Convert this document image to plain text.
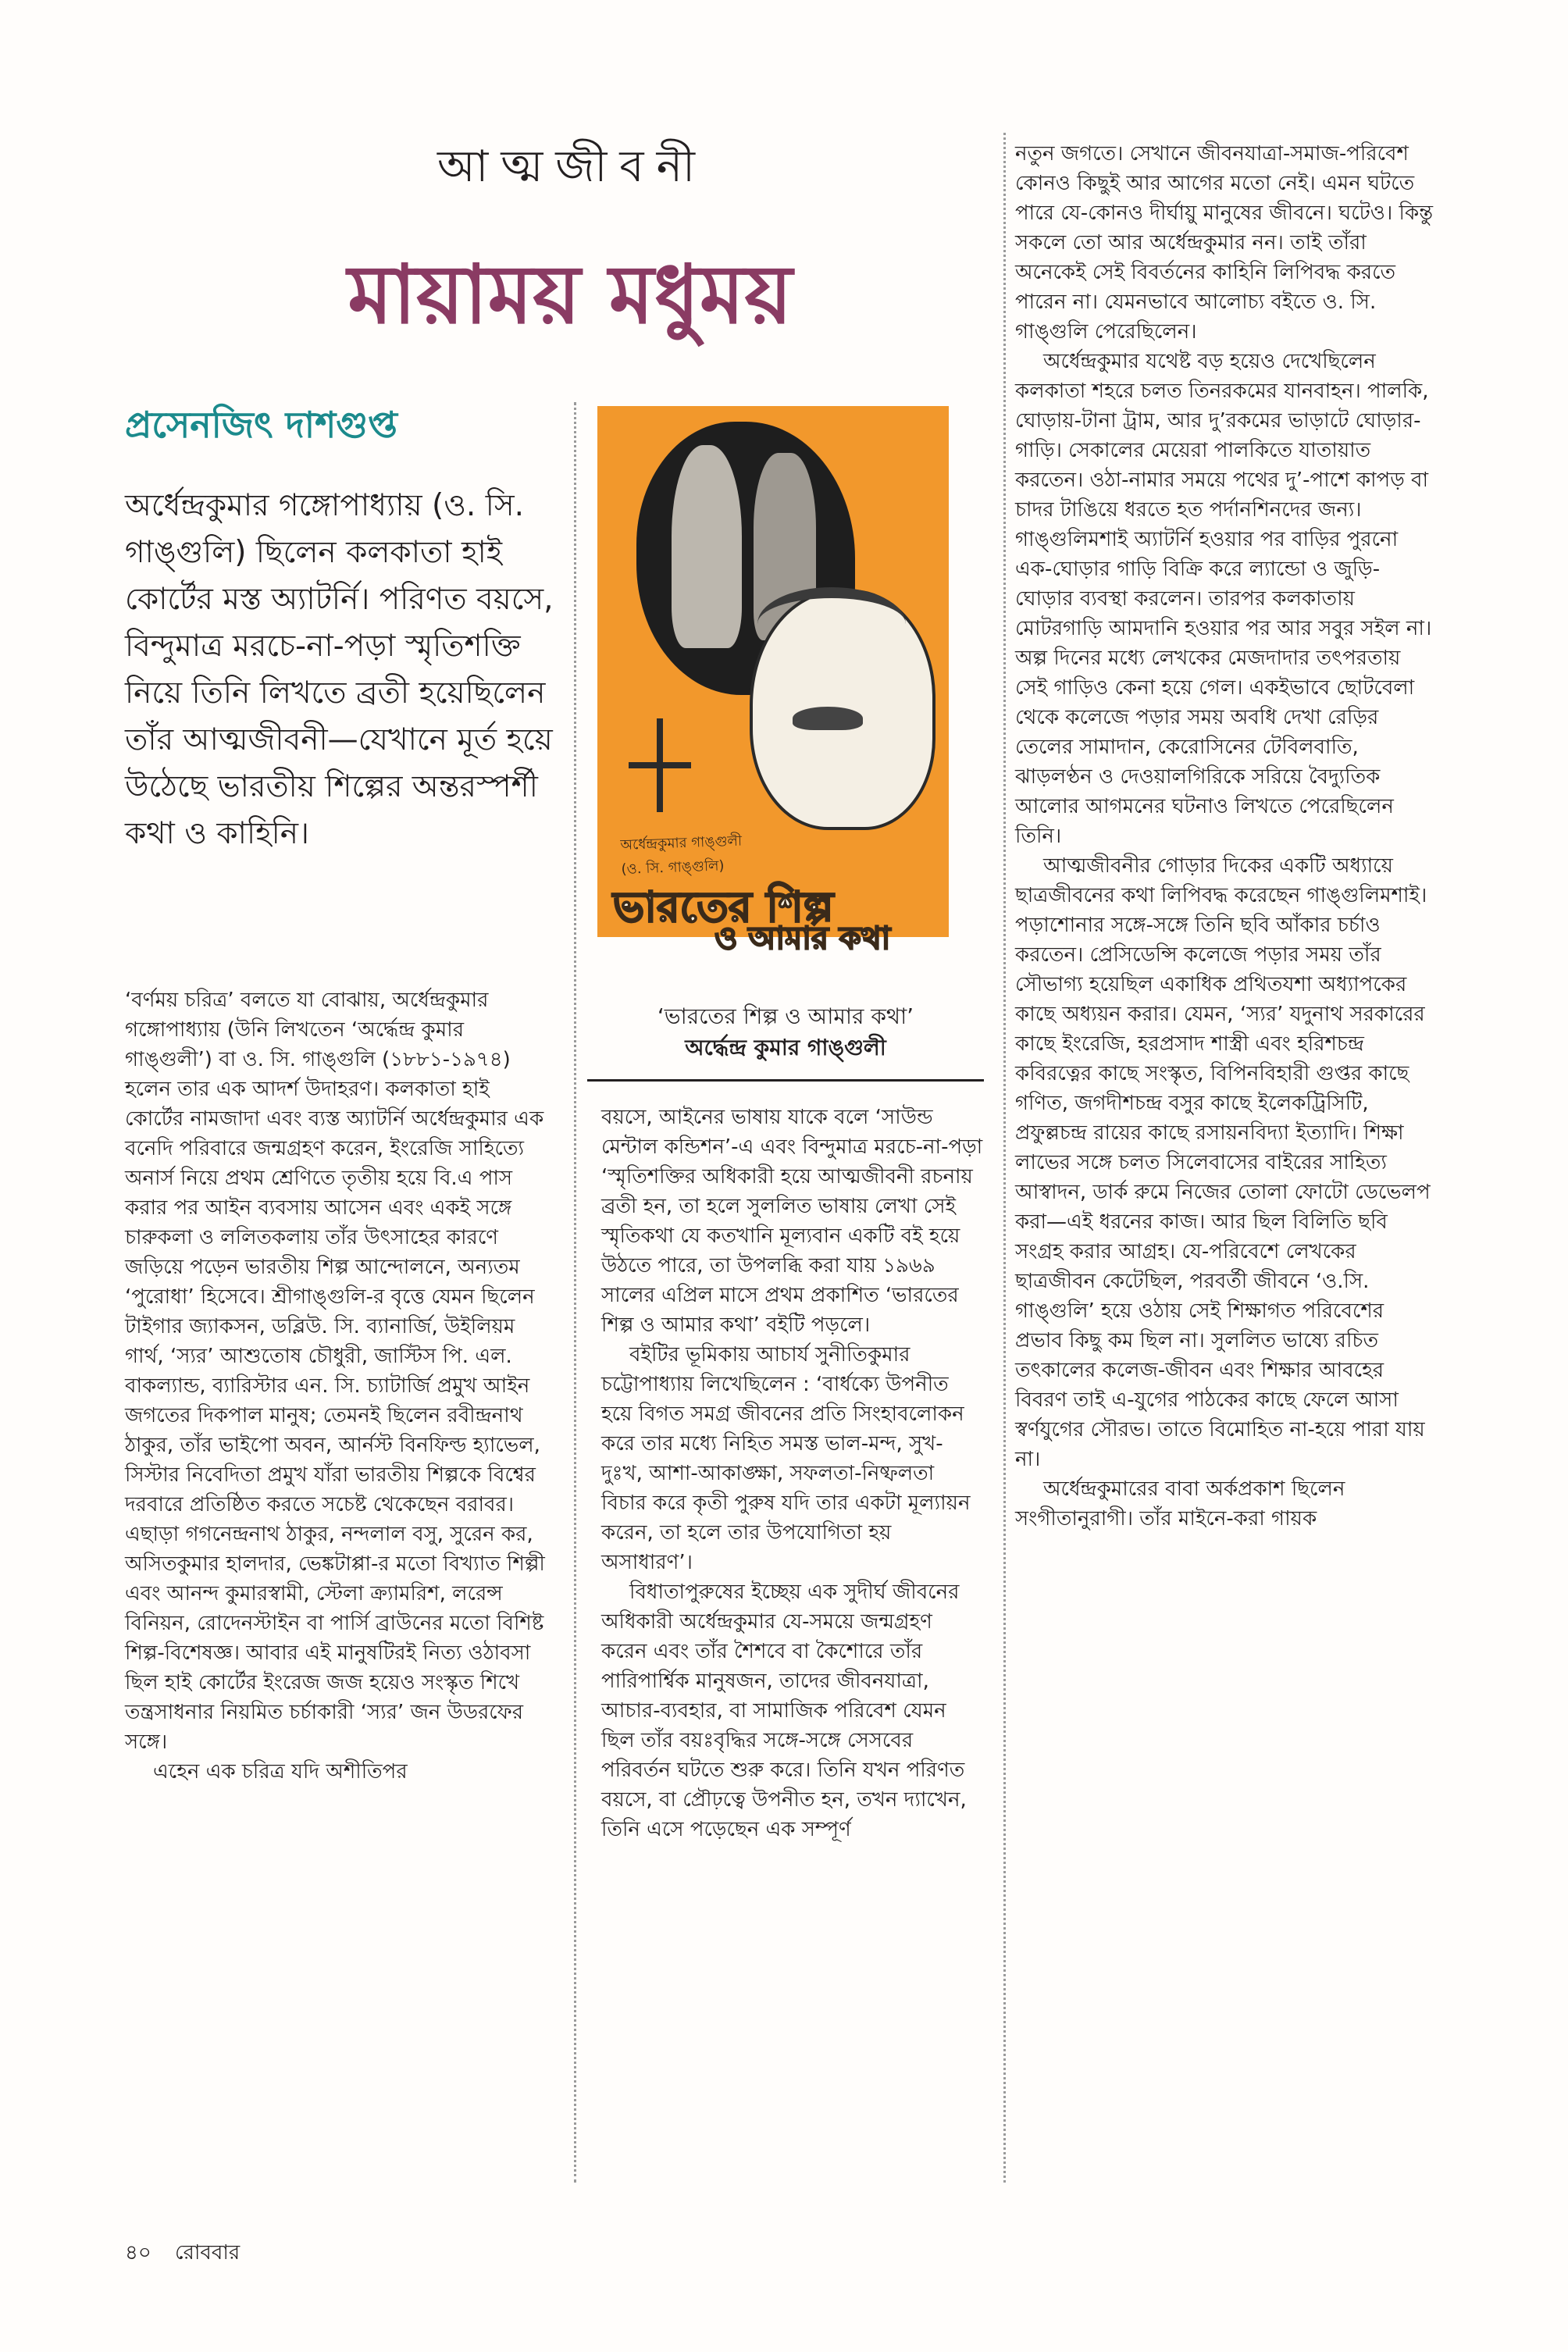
আত্মজীবনী
মায়াময় মধুময়
প্রসেনজিৎ দাশগুপ্ত
অর্ধেন্দ্রকুমার গঙ্গোপাধ্যায় (ও. সি. গাঙ্গুলি) ছিলেন কলকাতা হাই কোর্টের মস্ত অ্যাটর্নি। পরিণত বয়সে, বিন্দুমাত্র মরচে-না-পড়া স্মৃতিশক্তি নিয়ে তিনি লিখতে ব্রতী হয়েছিলেন তাঁর আত্মজীবনী—যেখানে মূর্ত হয়ে উঠেছে ভারতীয় শিল্পের অন্তরস্পর্শী কথা ও কাহিনি।	অর্ধেন্দ্রকুমার গাঙ্গুলী (ও. সি. গাঙ্গুলি)
ভারতের শিল্প
ও আমার কথা
‘ভারতের শিল্প ও আমার কথা’
অর্দ্ধেন্দ্র কুমার গাঙ্গুলী

‘বর্ণময় চরিত্র’ বলতে যা বোঝায়, অর্ধেন্দ্রকুমার গঙ্গোপাধ্যায় (উনি লিখতেন ‘অর্দ্ধেন্দ্র কুমার গাঙ্গুলী’) বা ও. সি. গাঙ্গুলি (১৮৮১-১৯৭৪) হলেন তার এক আদর্শ উদাহরণ। কলকাতা হাই কোর্টের নামজাদা এবং ব্যস্ত অ্যাটর্নি অর্ধেন্দ্রকুমার এক বনেদি পরিবারে জন্মগ্রহণ করেন, ইংরেজি সাহিত্যে অনার্স নিয়ে প্রথম শ্রেণিতে তৃতীয় হয়ে বি.এ পাস করার পর আইন ব্যবসায় আসেন এবং একই সঙ্গে চারুকলা ও ললিতকলায় তাঁর উৎসাহের কারণে জড়িয়ে পড়েন ভারতীয় শিল্প আন্দোলনে, অন্যতম ‘পুরোধা’ হিসেবে। শ্রীগাঙ্গুলি-র বৃত্তে যেমন ছিলেন টাইগার জ্যাকসন, ডব্লিউ. সি. ব্যানার্জি, উইলিয়ম গার্থ, ‘স্যর’ আশুতোষ চৌধুরী, জাস্টিস পি. এল. বাকল্যান্ড, ব্যারিস্টার এন. সি. চ্যাটার্জি প্রমুখ আইন জগতের দিকপাল মানুষ; তেমনই ছিলেন রবীন্দ্রনাথ ঠাকুর, তাঁর ভাইপো অবন, আর্নস্ট বিনফিল্ড হ্যাভেল, সিস্টার নিবেদিতা প্রমুখ যাঁরা ভারতীয় শিল্পকে বিশ্বের দরবারে প্রতিষ্ঠিত করতে সচেষ্ট থেকেছেন বরাবর। এছাড়া গগনেন্দ্রনাথ ঠাকুর, নন্দলাল বসু, সুরেন কর, অসিতকুমার হালদার, ভেঙ্কটাপ্পা-র মতো বিখ্যাত শিল্পী এবং আনন্দ কুমারস্বামী, স্টেলা ক্র্যামরিশ, লরেন্স বিনিয়ন, রোদেনস্টাইন বা পার্সি ব্রাউনের মতো বিশিষ্ট শিল্প-বিশেষজ্ঞ। আবার এই মানুষটিরই নিত্য ওঠাবসা ছিল হাই কোর্টের ইংরেজ জজ হয়েও সংস্কৃত শিখে তন্ত্রসাধনার নিয়মিত চর্চাকারী ‘স্যর’ জন উডরফের সঙ্গে।

এহেন এক চরিত্র যদি অশীতিপর

বয়সে, আইনের ভাষায় যাকে বলে ‘সাউন্ড মেন্টাল কন্ডিশন’-এ এবং বিন্দুমাত্র মরচে-না-পড়া ‘স্মৃতিশক্তির অধিকারী হয়ে আত্মজীবনী রচনায় ব্রতী হন, তা হলে সুললিত ভাষায় লেখা সেই স্মৃতিকথা যে কতখানি মূল্যবান একটি বই হয়ে উঠতে পারে, তা উপলব্ধি করা যায় ১৯৬৯ সালের এপ্রিল মাসে প্রথম প্রকাশিত ‘ভারতের শিল্প ও আমার কথা’ বইটি পড়লে।

বইটির ভূমিকায় আচার্য সুনীতিকুমার চট্টোপাধ্যায় লিখেছিলেন : ‘বার্ধক্যে উপনীত হয়ে বিগত সমগ্র জীবনের প্রতি সিংহাবলোকন করে তার মধ্যে নিহিত সমস্ত ভাল-মন্দ, সুখ-দুঃখ, আশা-আকাঙ্ক্ষা, সফলতা-নিষ্ফলতা বিচার করে কৃতী পুরুষ যদি তার একটা মূল্যায়ন করেন, তা হলে তার উপযোগিতা হয় অসাধারণ’।

বিধাতাপুরুষের ইচ্ছেয় এক সুদীর্ঘ জীবনের অধিকারী অর্ধেন্দ্রকুমার যে-সময়ে জন্মগ্রহণ করেন এবং তাঁর শৈশবে বা কৈশোরে তাঁর পারিপার্শ্বিক মানুষজন, তাদের জীবনযাত্রা, আচার-ব্যবহার, বা সামাজিক পরিবেশ যেমন ছিল তাঁর বয়ঃবৃদ্ধির সঙ্গে-সঙ্গে সেসবের পরিবর্তন ঘটতে শুরু করে। তিনি যখন পরিণত বয়সে, বা প্রৌঢ়ত্বে উপনীত হন, তখন দ্যাখেন, তিনি এসে পড়েছেন এক সম্পূর্ণ

নতুন জগতে। সেখানে জীবনযাত্রা-সমাজ-পরিবেশ কোনও কিছুই আর আগের মতো নেই। এমন ঘটতে পারে যে-কোনও দীর্ঘায়ু মানুষের জীবনে। ঘটেও। কিন্তু সকলে তো আর অর্ধেন্দ্রকুমার নন। তাই তাঁরা অনেকেই সেই বিবর্তনের কাহিনি লিপিবদ্ধ করতে পারেন না। যেমনভাবে আলোচ্য বইতে ও. সি. গাঙ্গুলি পেরেছিলেন।

অর্ধেন্দ্রকুমার যথেষ্ট বড় হয়েও দেখেছিলেন কলকাতা শহরে চলত তিনরকমের যানবাহন। পালকি, ঘোড়ায়-টানা ট্রাম, আর দু’রকমের ভাড়াটে ঘোড়ার-গাড়ি। সেকালের মেয়েরা পালকিতে যাতায়াত করতেন। ওঠা-নামার সময়ে পথের দু’-পাশে কাপড় বা চাদর টাঙিয়ে ধরতে হত পর্দানশিনদের জন্য। গাঙ্গুলিমশাই অ্যাটর্নি হওয়ার পর বাড়ির পুরনো এক-ঘোড়ার গাড়ি বিক্রি করে ল্যান্ডো ও জুড়ি-ঘোড়ার ব্যবস্থা করলেন। তারপর কলকাতায় মোটরগাড়ি আমদানি হওয়ার পর আর সবুর সইল না। অল্প দিনের মধ্যে লেখকের মেজদাদার তৎপরতায় সেই গাড়িও কেনা হয়ে গেল। একইভাবে ছোটবেলা থেকে কলেজে পড়ার সময় অবধি দেখা রেড়ির তেলের সামাদান, কেরোসিনের টেবিলবাতি, ঝাড়লণ্ঠন ও দেওয়ালগিরিকে সরিয়ে বৈদ্যুতিক আলোর আগমনের ঘটনাও লিখতে পেরেছিলেন তিনি।

আত্মজীবনীর গোড়ার দিকের একটি অধ্যায়ে ছাত্রজীবনের কথা লিপিবদ্ধ করেছেন গাঙ্গুলিমশাই। পড়াশোনার সঙ্গে-সঙ্গে তিনি ছবি আঁকার চর্চাও করতেন। প্রেসিডেন্সি কলেজে পড়ার সময় তাঁর সৌভাগ্য হয়েছিল একাধিক প্রথিতযশা অধ্যাপকের কাছে অধ্যয়ন করার। যেমন, ‘স্যর’ যদুনাথ সরকারের কাছে ইংরেজি, হরপ্রসাদ শাস্ত্রী এবং হরিশচন্দ্র কবিরত্নের কাছে সংস্কৃত, বিপিনবিহারী গুপ্তর কাছে গণিত, জগদীশচন্দ্র বসুর কাছে ইলেকট্রিসিটি, প্রফুল্লচন্দ্র রায়ের কাছে রসায়নবিদ্যা ইত্যাদি। শিক্ষা লাভের সঙ্গে চলত সিলেবাসের বাইরের সাহিত্য আস্বাদন, ডার্ক রুমে নিজের তোলা ফোটো ডেভেলপ করা—এই ধরনের কাজ। আর ছিল বিলিতি ছবি সংগ্রহ করার আগ্রহ। যে-পরিবেশে লেখকের ছাত্রজীবন কেটেছিল, পরবর্তী জীবনে ‘ও.সি. গাঙ্গুলি’ হয়ে ওঠায় সেই শিক্ষাগত পরিবেশের প্রভাব কিছু কম ছিল না। সুললিত ভাষ্যে রচিত তৎকালের কলেজ-জীবন এবং শিক্ষার আবহের বিবরণ তাই এ-যুগের পাঠকের কাছে ফেলে আসা স্বর্ণযুগের সৌরভ। তাতে বিমোহিত না-হয়ে পারা যায় না।

অর্ধেন্দ্রকুমারের বাবা অর্কপ্রকাশ ছিলেন সংগীতানুরাগী। তাঁর মাইনে-করা গায়ক

৪০ রোববার
